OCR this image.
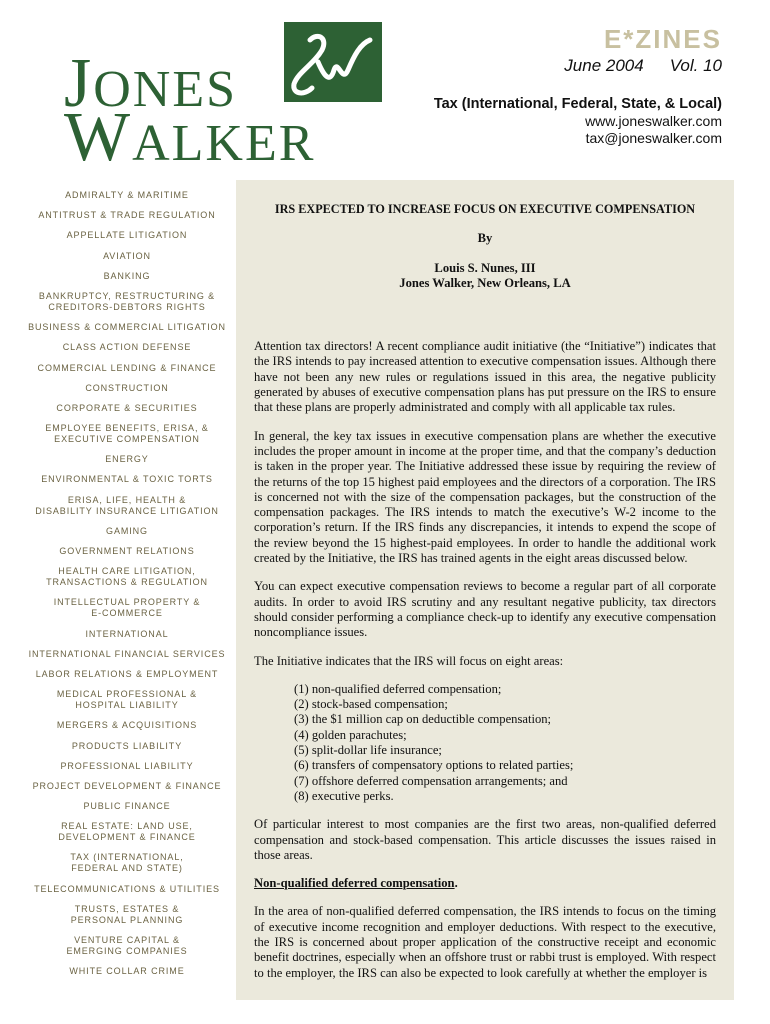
JONES
WALKER
E*ZINES
June 2004 Vol. 10
Tax (International, Federal, State, & Local)
www.joneswalker.com
tax@joneswalker.com
ADMIRALTY & MARITIME
ANTITRUST & TRADE REGULATION
APPELLATE LITIGATION
AVIATION
BANKING
BANKRUPTCY, RESTRUCTURING &
CREDITORS-DEBTORS RIGHTS
BUSINESS & COMMERCIAL LITIGATION
CLASS ACTION DEFENSE
COMMERCIAL LENDING & FINANCE
CONSTRUCTION
CORPORATE & SECURITIES
EMPLOYEE BENEFITS, ERISA, &
EXECUTIVE COMPENSATION
ENERGY
ENVIRONMENTAL & TOXIC TORTS
ERISA, LIFE, HEALTH &
DISABILITY INSURANCE LITIGATION
GAMING
GOVERNMENT RELATIONS
HEALTH CARE LITIGATION,
TRANSACTIONS & REGULATION
INTELLECTUAL PROPERTY &
E-COMMERCE
INTERNATIONAL
INTERNATIONAL FINANCIAL SERVICES
LABOR RELATIONS & EMPLOYMENT
MEDICAL PROFESSIONAL &
HOSPITAL LIABILITY
MERGERS & ACQUISITIONS
PRODUCTS LIABILITY
PROFESSIONAL LIABILITY
PROJECT DEVELOPMENT & FINANCE
PUBLIC FINANCE
REAL ESTATE: LAND USE,
DEVELOPMENT & FINANCE
TAX (INTERNATIONAL,
FEDERAL AND STATE)
TELECOMMUNICATIONS & UTILITIES
TRUSTS, ESTATES &
PERSONAL PLANNING
VENTURE CAPITAL &
EMERGING COMPANIES
WHITE COLLAR CRIME
IRS EXPECTED TO INCREASE FOCUS ON EXECUTIVE COMPENSATION
By
Louis S. Nunes, III
Jones Walker, New Orleans, LA

Attention tax directors! A recent compliance audit initiative (the “Initiative”) indicates that the IRS intends to pay increased attention to executive compensation issues. Although there have not been any new rules or regulations issued in this area, the negative publicity generated by abuses of executive compensation plans has put pressure on the IRS to ensure that these plans are properly administrated and comply with all applicable tax rules.

In general, the key tax issues in executive compensation plans are whether the executive includes the proper amount in income at the proper time, and that the company’s deduction is taken in the proper year. The Initiative addressed these issue by requiring the review of the returns of the top 15 highest paid employees and the directors of a corporation. The IRS is concerned not with the size of the compensation packages, but the construction of the compensation packages. The IRS intends to match the executive’s W-2 income to the corporation’s return. If the IRS finds any discrepancies, it intends to expend the scope of the review beyond the 15 highest-paid employees. In order to handle the additional work created by the Initiative, the IRS has trained agents in the eight areas discussed below.

You can expect executive compensation reviews to become a regular part of all corporate audits. In order to avoid IRS scrutiny and any resultant negative publicity, tax directors should consider performing a compliance check-up to identify any executive compensation noncompliance issues.

The Initiative indicates that the IRS will focus on eight areas:

(1) non-qualified deferred compensation;
(2) stock-based compensation;
(3) the $1 million cap on deductible compensation;
(4) golden parachutes;
(5) split-dollar life insurance;
(6) transfers of compensatory options to related parties;
(7) offshore deferred compensation arrangements; and
(8) executive perks.

Of particular interest to most companies are the first two areas, non-qualified deferred compensation and stock-based compensation. This article discusses the issues raised in those areas.

Non-qualified deferred compensation.

In the area of non-qualified deferred compensation, the IRS intends to focus on the timing of executive income recognition and employer deductions. With respect to the executive, the IRS is concerned about proper application of the constructive receipt and economic benefit doctrines, especially when an offshore trust or rabbi trust is employed. With respect to the employer, the IRS can also be expected to look carefully at whether the employer is
